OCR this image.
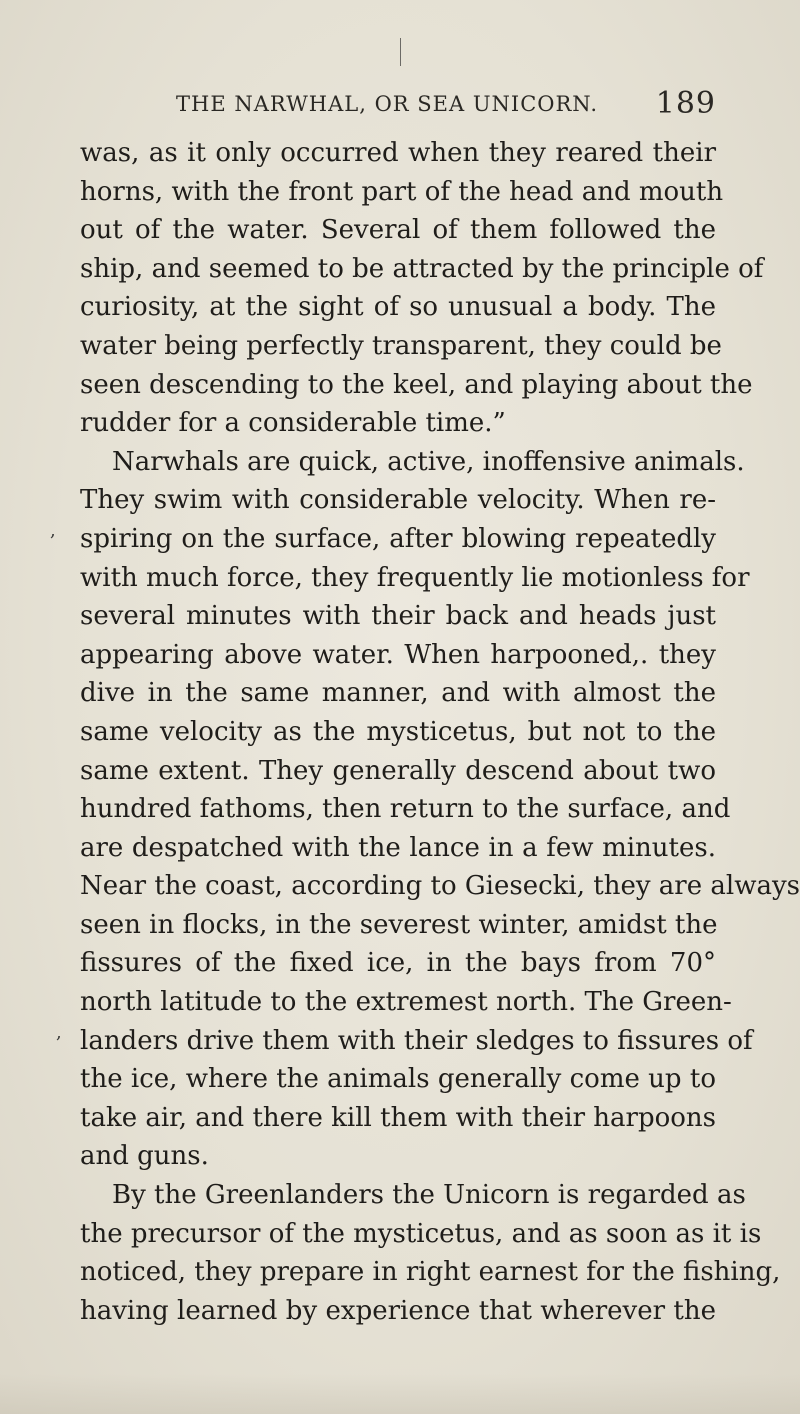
THE NARWHAL, OR SEA UNICORN. 189
was, as it only occurred when they reared their
horns, with the front part of the head and mouth
out of the water. Several of them followed the
ship, and seemed to be attracted by the principle of
curiosity, at the sight of so unusual a body. The
water being perfectly transparent, they could be
seen descending to the keel, and playing about the
rudder for a considerable time.”
Narwhals are quick, active, inoffensive animals.
They swim with considerable velocity. When re-
spiring on the surface, after blowing repeatedly
with much force, they frequently lie motionless for
several minutes with their back and heads just
appearing above water. When harpooned,. they
dive in the same manner, and with almost the
same velocity as the mysticetus, but not to the
same extent. They generally descend about two
hundred fathoms, then return to the surface, and
are despatched with the lance in a few minutes.
Near the coast, according to Giesecki, they are always
seen in flocks, in the severest winter, amidst the
fissures of the fixed ice, in the bays from 70°
north latitude to the extremest north. The Green-
landers drive them with their sledges to fissures of
the ice, where the animals generally come up to
take air, and there kill them with their harpoons
and guns.
By the Greenlanders the Unicorn is regarded as
the precursor of the mysticetus, and as soon as it is
noticed, they prepare in right earnest for the fishing,
having learned by experience that wherever the
,
,
